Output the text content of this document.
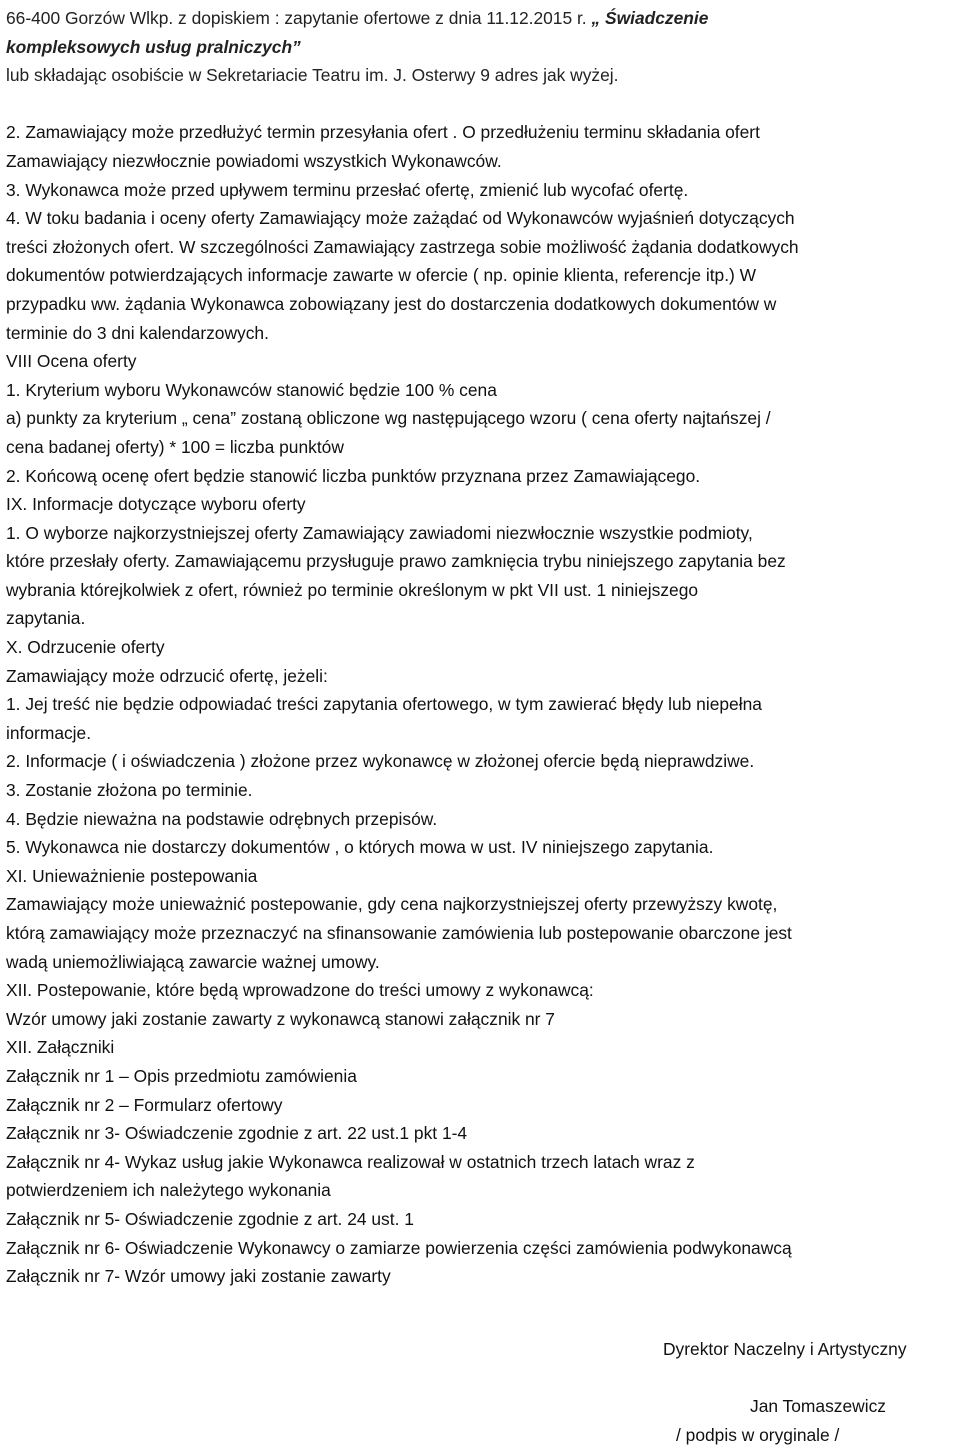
66-400 Gorzów Wlkp. z dopiskiem : zapytanie ofertowe z dnia 11.12.2015 r. „ Świadczenie
kompleksowych usług pralniczych”
lub składając osobiście w Sekretariacie Teatru im. J. Osterwy 9 adres jak wyżej.
2. Zamawiający może przedłużyć termin przesyłania ofert . O przedłużeniu terminu składania ofert
Zamawiający niezwłocznie powiadomi wszystkich Wykonawców.
3. Wykonawca może przed upływem terminu przesłać ofertę, zmienić lub wycofać ofertę.
4. W toku badania i oceny oferty Zamawiający może zażądać od Wykonawców wyjaśnień dotyczących
treści złożonych ofert. W szczególności Zamawiający zastrzega sobie możliwość żądania dodatkowych
dokumentów potwierdzających informacje zawarte w ofercie ( np. opinie klienta, referencje itp.) W
przypadku ww. żądania Wykonawca zobowiązany jest do dostarczenia dodatkowych dokumentów w
terminie do 3 dni kalendarzowych.
VIII Ocena oferty
1. Kryterium wyboru Wykonawców stanowić będzie 100 % cena
a) punkty za kryterium „ cena” zostaną obliczone wg następującego wzoru ( cena oferty najtańszej /
cena badanej oferty) * 100 = liczba punktów
2. Końcową ocenę ofert będzie stanowić liczba punktów przyznana przez Zamawiającego.
IX. Informacje dotyczące wyboru oferty
1. O wyborze najkorzystniejszej oferty Zamawiający zawiadomi niezwłocznie wszystkie podmioty,
które przesłały oferty. Zamawiającemu przysługuje prawo zamknięcia trybu niniejszego zapytania bez
wybrania którejkolwiek z ofert, również po terminie określonym w pkt VII ust. 1 niniejszego
zapytania.
X. Odrzucenie oferty
Zamawiający może odrzucić ofertę, jeżeli:
1. Jej treść nie będzie odpowiadać treści zapytania ofertowego, w tym zawierać błędy lub niepełna
informacje.
2. Informacje ( i oświadczenia ) złożone przez wykonawcę w złożonej ofercie będą nieprawdziwe.
3. Zostanie złożona po terminie.
4. Będzie nieważna na podstawie odrębnych przepisów.
5. Wykonawca nie dostarczy dokumentów , o których mowa w ust. IV niniejszego zapytania.
XI. Unieważnienie postepowania
Zamawiający może unieważnić postepowanie, gdy cena najkorzystniejszej oferty przewyższy kwotę,
którą zamawiający może przeznaczyć na sfinansowanie zamówienia lub postepowanie obarczone jest
wadą uniemożliwiającą zawarcie ważnej umowy.
XII. Postepowanie, które będą wprowadzone do treści umowy z wykonawcą:
Wzór umowy jaki zostanie zawarty z wykonawcą stanowi załącznik nr 7
XII. Załączniki
Załącznik nr 1 – Opis przedmiotu zamówienia
Załącznik nr 2 – Formularz ofertowy
Załącznik nr 3- Oświadczenie zgodnie z art. 22 ust.1 pkt 1-4
Załącznik nr 4- Wykaz usług jakie Wykonawca realizował w ostatnich trzech latach wraz z
potwierdzeniem ich należytego wykonania
Załącznik nr 5- Oświadczenie zgodnie z art. 24 ust. 1
Załącznik nr 6- Oświadczenie Wykonawcy o zamiarze powierzenia części zamówienia podwykonawcą
Załącznik nr 7- Wzór umowy jaki zostanie zawarty
Dyrektor Naczelny i Artystyczny
Jan Tomaszewicz
/ podpis w oryginale /
